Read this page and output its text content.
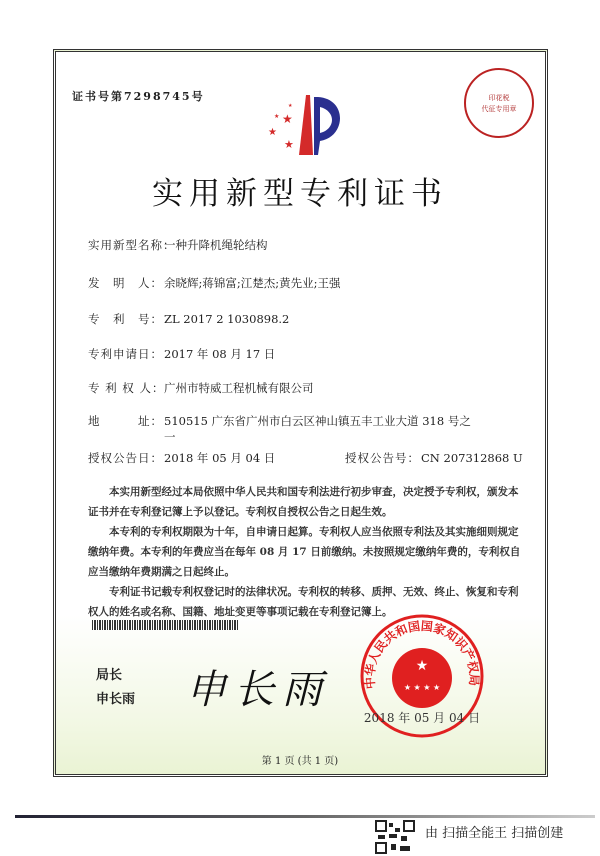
印花税
代征专用章
证书号第7298745号
★
★
★
★
★
实用新型专利证书
实用新型名称：一种升降机绳轮结构
发　明　人：余晓辉;蒋锦富;江楚杰;黄先业;王强
专　利　号：ZL 2017 2 1030898.2
专利申请日：2017 年 08 月 17 日
专 利 权 人：广州市特威工程机械有限公司
地　　　址：510515 广东省广州市白云区神山镇五丰工业大道 318 号之
一
授权公告日：2018 年 05 月 04 日	授权公告号：CN 207312868 U

本实用新型经过本局依照中华人民共和国专利法进行初步审查，决定授予专利权，颁发本证书并在专利登记簿上予以登记。专利权自授权公告之日起生效。

本专利的专利权期限为十年，自申请日起算。专利权人应当依照专利法及其实施细则规定缴纳年费。本专利的年费应当在每年 08 月 17 日前缴纳。未按照规定缴纳年费的，专利权自应当缴纳年费期满之日起终止。

专利证书记载专利权登记时的法律状况。专利权的转移、质押、无效、终止、恢复和专利权人的姓名或名称、国籍、地址变更等事项记载在专利登记簿上。

局长
申长雨 申长雨	中华人民共和国国家知识产权局
★
★ ★ ★ ★
2018 年 05 月 04 日
第 1 页 (共 1 页)
由 扫描全能王 扫描创建
